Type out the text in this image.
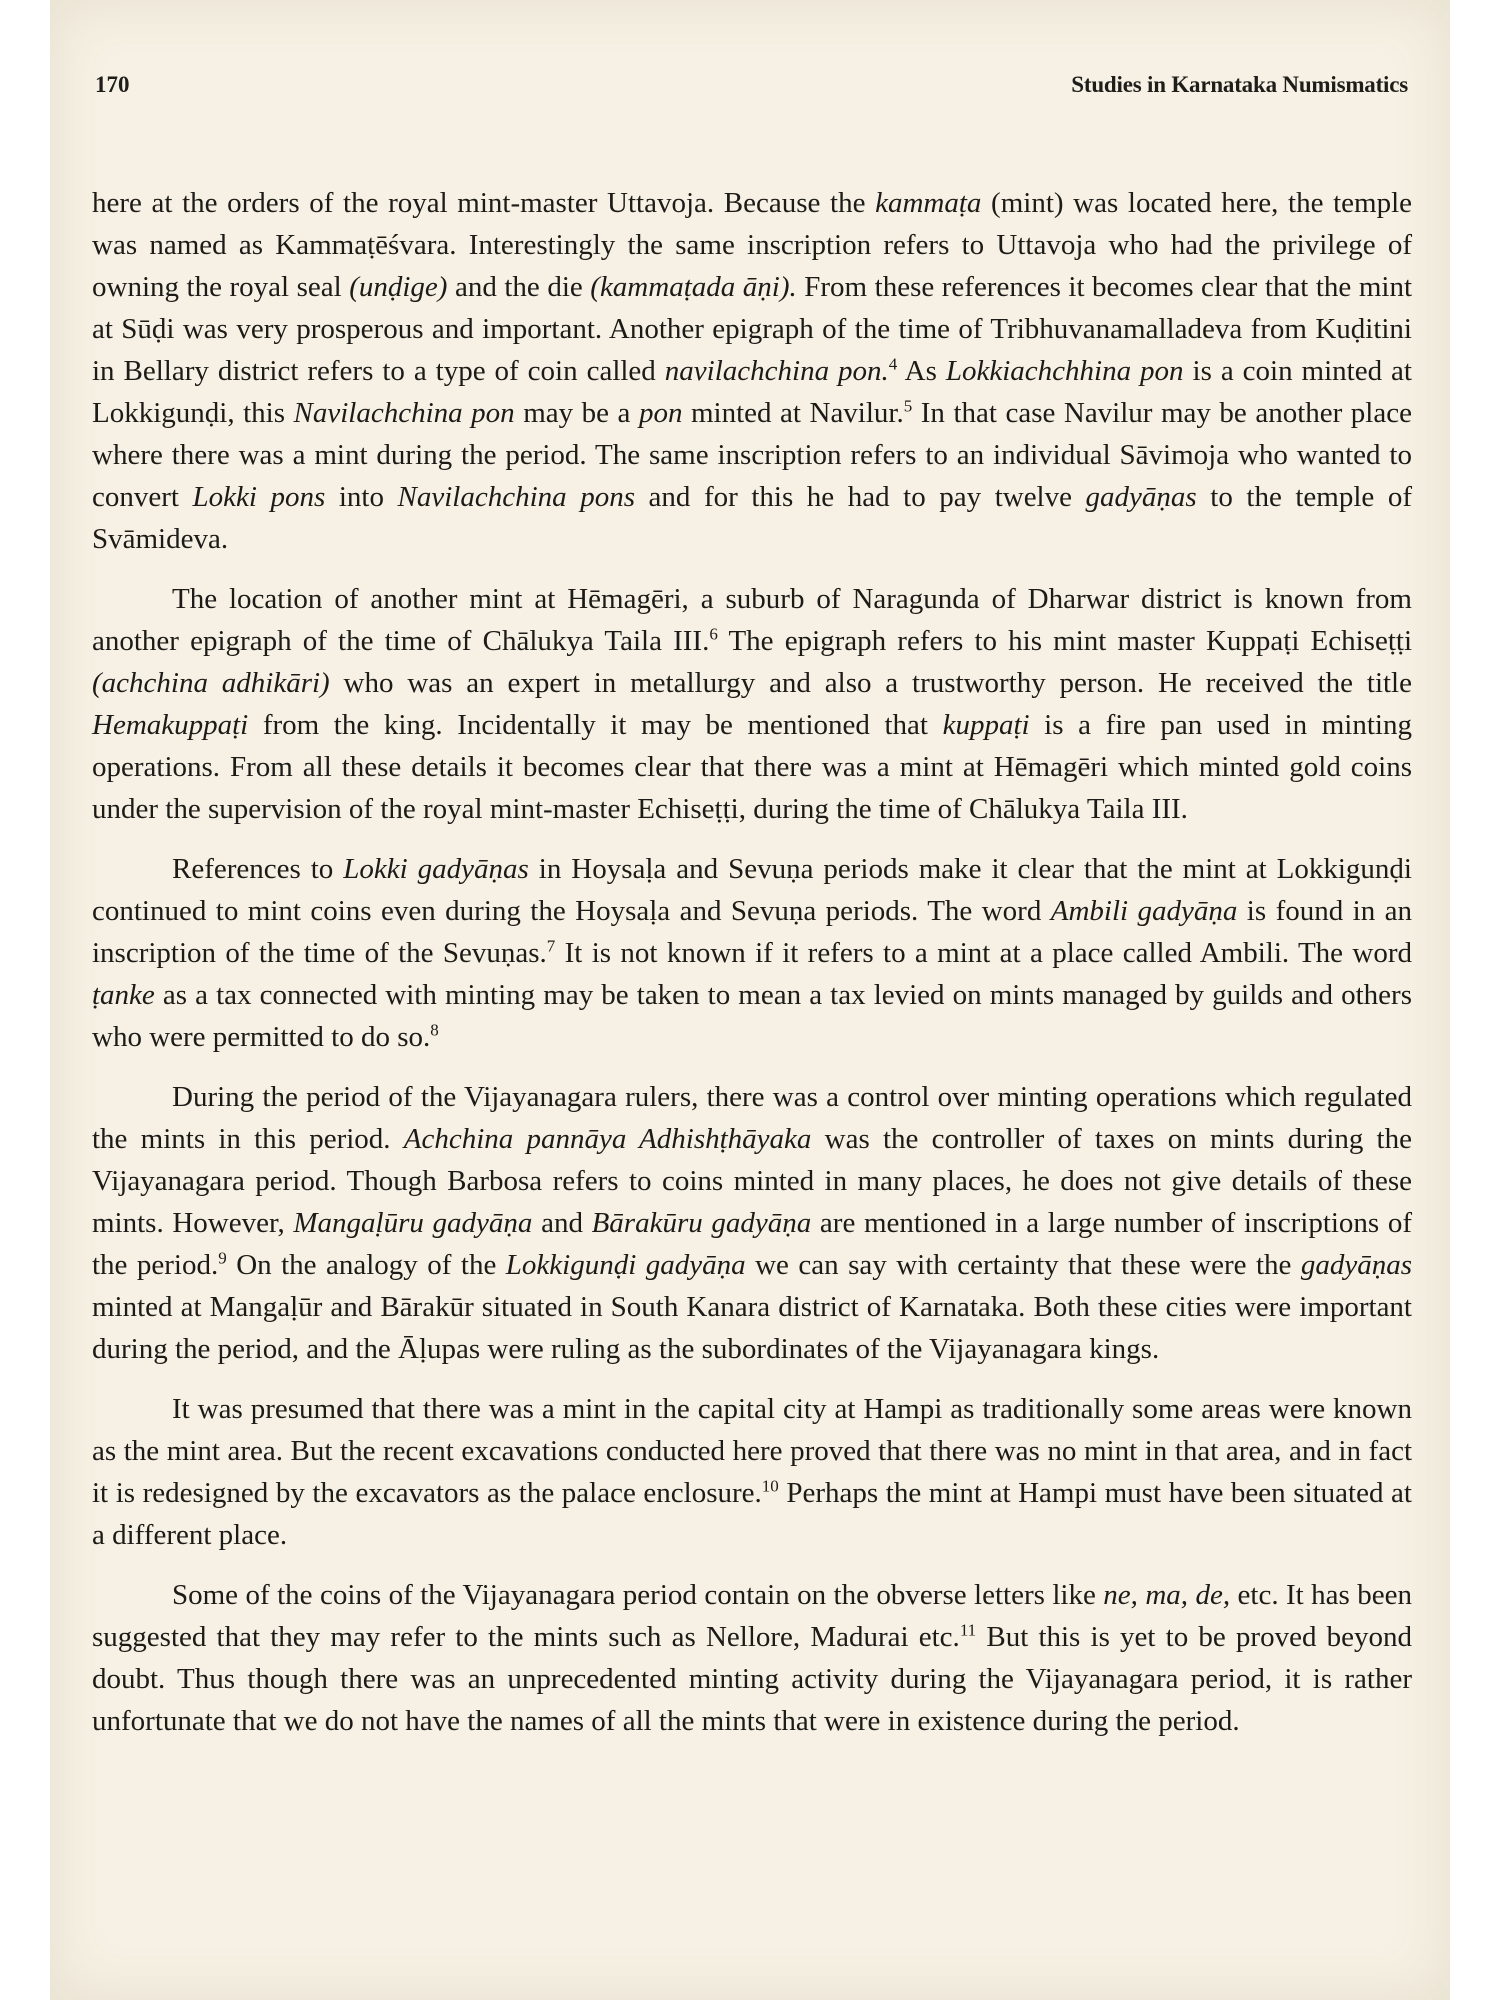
170	Studies in Karnataka Numismatics

here at the orders of the royal mint-master Uttavoja. Because the kammaṭa (mint) was located here, the temple was named as Kammaṭēśvara. Interestingly the same inscription refers to Uttavoja who had the privilege of owning the royal seal (unḍige) and the die (kammaṭada āṇi). From these references it becomes clear that the mint at Sūḍi was very prosperous and important. Another epigraph of the time of Tribhuvanamalladeva from Kuḍitini in Bellary district refers to a type of coin called navilachchina pon.$^4$ As Lokkiachchhina pon is a coin minted at Lokkigunḍi, this Navilachchina pon may be a pon minted at Navilur.$^5$ In that case Navilur may be another place where there was a mint during the period. The same inscription refers to an individual Sāvimoja who wanted to convert Lokki pons into Navilachchina pons and for this he had to pay twelve gadyāṇas to the temple of Svāmideva.

The location of another mint at Hēmagēri, a suburb of Naragunda of Dharwar district is known from another epigraph of the time of Chālukya Taila III.$^6$ The epigraph refers to his mint master Kuppaṭi Echiseṭṭi (achchina adhikāri) who was an expert in metallurgy and also a trustworthy person. He received the title Hemakuppaṭi from the king. Incidentally it may be mentioned that kuppaṭi is a fire pan used in minting operations. From all these details it becomes clear that there was a mint at Hēmagēri which minted gold coins under the supervision of the royal mint-master Echiseṭṭi, during the time of Chālukya Taila III.

References to Lokki gadyāṇas in Hoysaḷa and Sevuṇa periods make it clear that the mint at Lokkigunḍi continued to mint coins even during the Hoysaḷa and Sevuṇa periods. The word Ambili gadyāṇa is found in an inscription of the time of the Sevuṇas.$^7$ It is not known if it refers to a mint at a place called Ambili. The word ṭanke as a tax connected with minting may be taken to mean a tax levied on mints managed by guilds and others who were permitted to do so.$^8$

During the period of the Vijayanagara rulers, there was a control over minting operations which regulated the mints in this period. Achchina pannāya Adhishṭhāyaka was the controller of taxes on mints during the Vijayanagara period. Though Barbosa refers to coins minted in many places, he does not give details of these mints. However, Mangaḷūru gadyāṇa and Bārakūru gadyāṇa are mentioned in a large number of inscriptions of the period.$^9$ On the analogy of the Lokkigunḍi gadyāṇa we can say with certainty that these were the gadyāṇas minted at Mangaḷūr and Bārakūr situated in South Kanara district of Karnataka. Both these cities were important during the period, and the Āḷupas were ruling as the subordinates of the Vijayanagara kings.

It was presumed that there was a mint in the capital city at Hampi as traditionally some areas were known as the mint area. But the recent excavations conducted here proved that there was no mint in that area, and in fact it is redesigned by the excavators as the palace enclosure.$^{10}$ Perhaps the mint at Hampi must have been situated at a different place.

Some of the coins of the Vijayanagara period contain on the obverse letters like ne, ma, de, etc. It has been suggested that they may refer to the mints such as Nellore, Madurai etc.$^{11}$ But this is yet to be proved beyond doubt. Thus though there was an unprecedented minting activity during the Vijayanagara period, it is rather unfortunate that we do not have the names of all the mints that were in existence during the period.
